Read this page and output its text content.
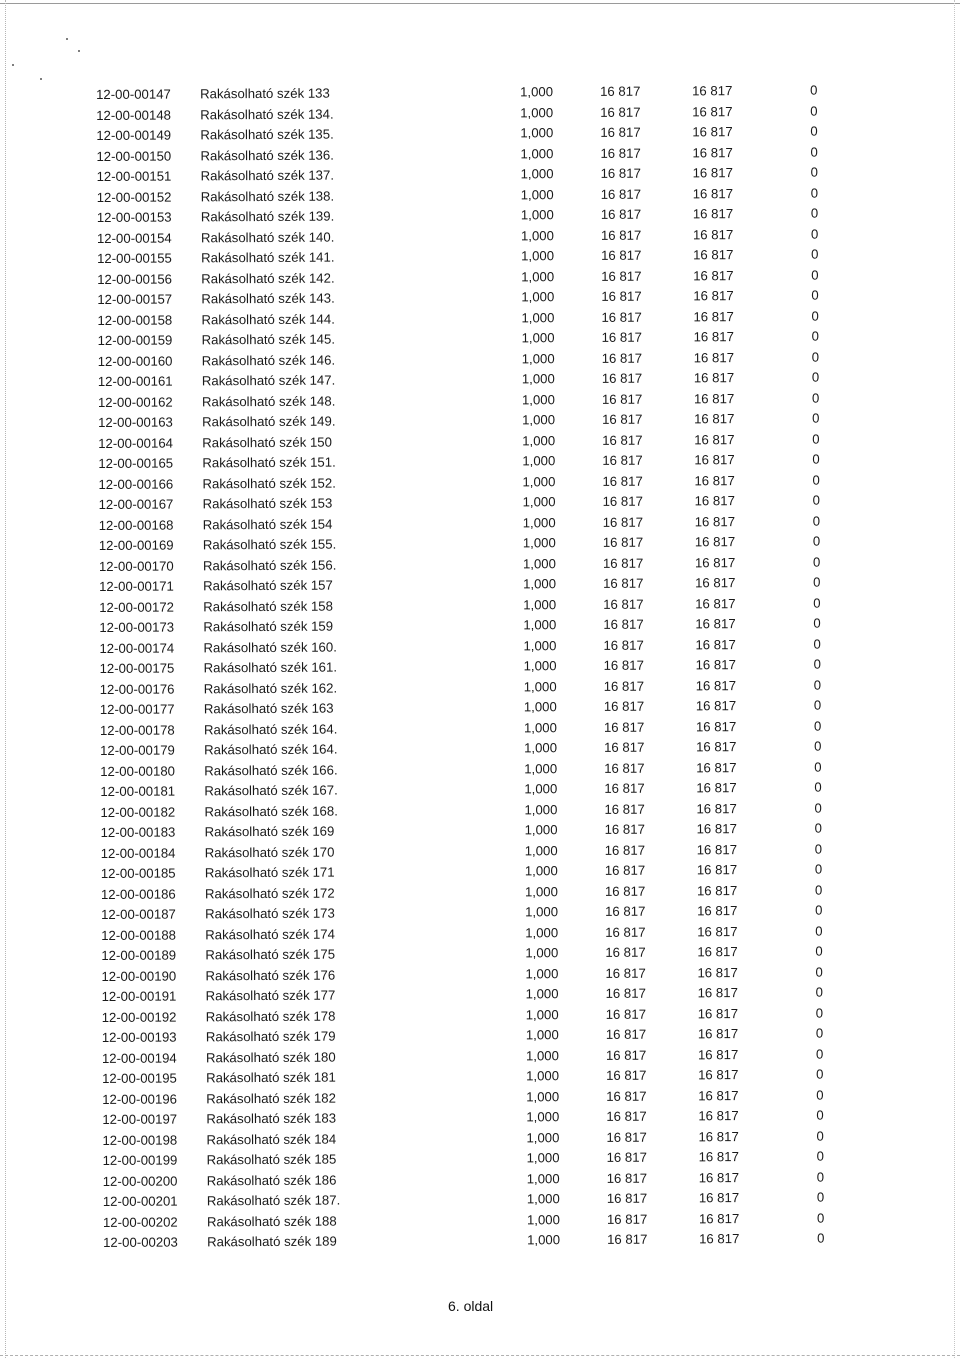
12-00-00147	Rakásolható szék 133	1,000	16 817	16 817	0
12-00-00148	Rakásolható szék 134.	1,000	16 817	16 817	0
12-00-00149	Rakásolható szék 135.	1,000	16 817	16 817	0
12-00-00150	Rakásolható szék 136.	1,000	16 817	16 817	0
12-00-00151	Rakásolható szék 137.	1,000	16 817	16 817	0
12-00-00152	Rakásolható szék 138.	1,000	16 817	16 817	0
12-00-00153	Rakásolható szék 139.	1,000	16 817	16 817	0
12-00-00154	Rakásolható szék 140.	1,000	16 817	16 817	0
12-00-00155	Rakásolható szék 141.	1,000	16 817	16 817	0
12-00-00156	Rakásolható szék 142.	1,000	16 817	16 817	0
12-00-00157	Rakásolható szék 143.	1,000	16 817	16 817	0
12-00-00158	Rakásolható szék 144.	1,000	16 817	16 817	0
12-00-00159	Rakásolható szék 145.	1,000	16 817	16 817	0
12-00-00160	Rakásolható szék 146.	1,000	16 817	16 817	0
12-00-00161	Rakásolható szék 147.	1,000	16 817	16 817	0
12-00-00162	Rakásolható szék 148.	1,000	16 817	16 817	0
12-00-00163	Rakásolható szék 149.	1,000	16 817	16 817	0
12-00-00164	Rakásolható szék 150	1,000	16 817	16 817	0
12-00-00165	Rakásolható szék 151.	1,000	16 817	16 817	0
12-00-00166	Rakásolható szék 152.	1,000	16 817	16 817	0
12-00-00167	Rakásolható szék 153	1,000	16 817	16 817	0
12-00-00168	Rakásolható szék 154	1,000	16 817	16 817	0
12-00-00169	Rakásolható szék 155.	1,000	16 817	16 817	0
12-00-00170	Rakásolható szék 156.	1,000	16 817	16 817	0
12-00-00171	Rakásolható szék 157	1,000	16 817	16 817	0
12-00-00172	Rakásolható szék 158	1,000	16 817	16 817	0
12-00-00173	Rakásolható szék 159	1,000	16 817	16 817	0
12-00-00174	Rakásolható szék 160.	1,000	16 817	16 817	0
12-00-00175	Rakásolható szék 161.	1,000	16 817	16 817	0
12-00-00176	Rakásolható szék 162.	1,000	16 817	16 817	0
12-00-00177	Rakásolható szék 163	1,000	16 817	16 817	0
12-00-00178	Rakásolható szék 164.	1,000	16 817	16 817	0
12-00-00179	Rakásolható szék 164.	1,000	16 817	16 817	0
12-00-00180	Rakásolható szék 166.	1,000	16 817	16 817	0
12-00-00181	Rakásolható szék 167.	1,000	16 817	16 817	0
12-00-00182	Rakásolható szék 168.	1,000	16 817	16 817	0
12-00-00183	Rakásolható szék 169	1,000	16 817	16 817	0
12-00-00184	Rakásolható szék 170	1,000	16 817	16 817	0
12-00-00185	Rakásolható szék 171	1,000	16 817	16 817	0
12-00-00186	Rakásolható szék 172	1,000	16 817	16 817	0
12-00-00187	Rakásolható szék 173	1,000	16 817	16 817	0
12-00-00188	Rakásolható szék 174	1,000	16 817	16 817	0
12-00-00189	Rakásolható szék 175	1,000	16 817	16 817	0
12-00-00190	Rakásolható szék 176	1,000	16 817	16 817	0
12-00-00191	Rakásolható szék 177	1,000	16 817	16 817	0
12-00-00192	Rakásolható szék 178	1,000	16 817	16 817	0
12-00-00193	Rakásolható szék 179	1,000	16 817	16 817	0
12-00-00194	Rakásolható szék 180	1,000	16 817	16 817	0
12-00-00195	Rakásolható szék 181	1,000	16 817	16 817	0
12-00-00196	Rakásolható szék 182	1,000	16 817	16 817	0
12-00-00197	Rakásolható szék 183	1,000	16 817	16 817	0
12-00-00198	Rakásolható szék 184	1,000	16 817	16 817	0
12-00-00199	Rakásolható szék 185	1,000	16 817	16 817	0
12-00-00200	Rakásolható szék 186	1,000	16 817	16 817	0
12-00-00201	Rakásolható szék 187.	1,000	16 817	16 817	0
12-00-00202	Rakásolható szék 188	1,000	16 817	16 817	0
12-00-00203	Rakásolható szék 189	1,000	16 817	16 817	0
6. oldal
